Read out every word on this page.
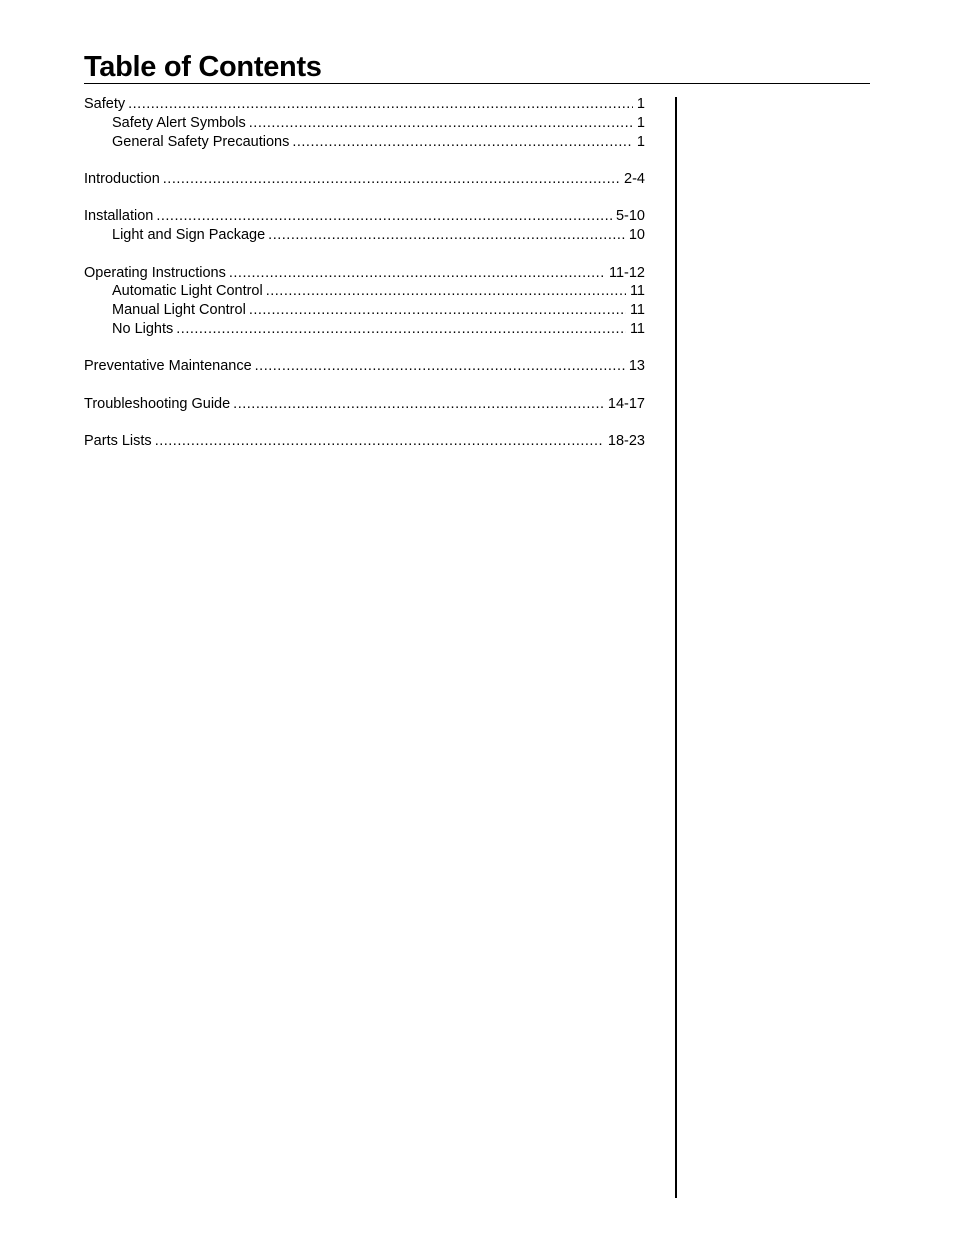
Table of Contents
Safety .....	1
Safety Alert Symbols .....	1
General Safety Precautions .....	1
Introduction .....	2-4
Installation .....	5-10
Light and Sign Package .....	10
Operating Instructions .....	11-12
Automatic Light Control .....	11
Manual Light Control .....	11
No Lights .....	11
Preventative Maintenance .....	13
Troubleshooting Guide .....	14-17
Parts Lists .....	18-23
